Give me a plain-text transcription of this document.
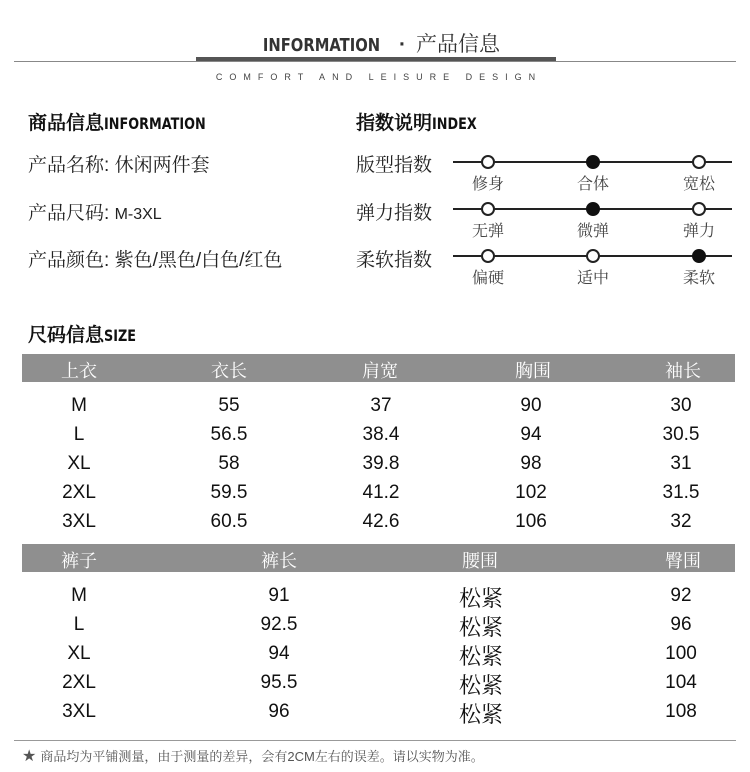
INFORMATION · 产品信息
COMFORT AND LEISURE DESIGN
商品信息INFORMATION
产品名称: 休闲两件套
产品尺码: M-3XL
产品颜色: 紫色/黑色/白色/红色
指数说明INDEX
版型指数
修身	合体	宽松
弹力指数
无弹	微弹	弹力
柔软指数
偏硬	适中	柔软
尺码信息SIZE
上衣	衣长	肩宽	胸围	袖长
M	55	37	90	30
L	56.5	38.4	94	30.5
XL	58	39.8	98	31
2XL	59.5	41.2	102	31.5
3XL	60.5	42.6	106	32
裤子	裤长	腰围	臀围
M	91	松紧	92
L	92.5	松紧	96
XL	94	松紧	100
2XL	95.5	松紧	104
3XL	96	松紧	108
★ 商品均为平铺测量，由于测量的差异，会有2CM左右的误差。请以实物为准。
